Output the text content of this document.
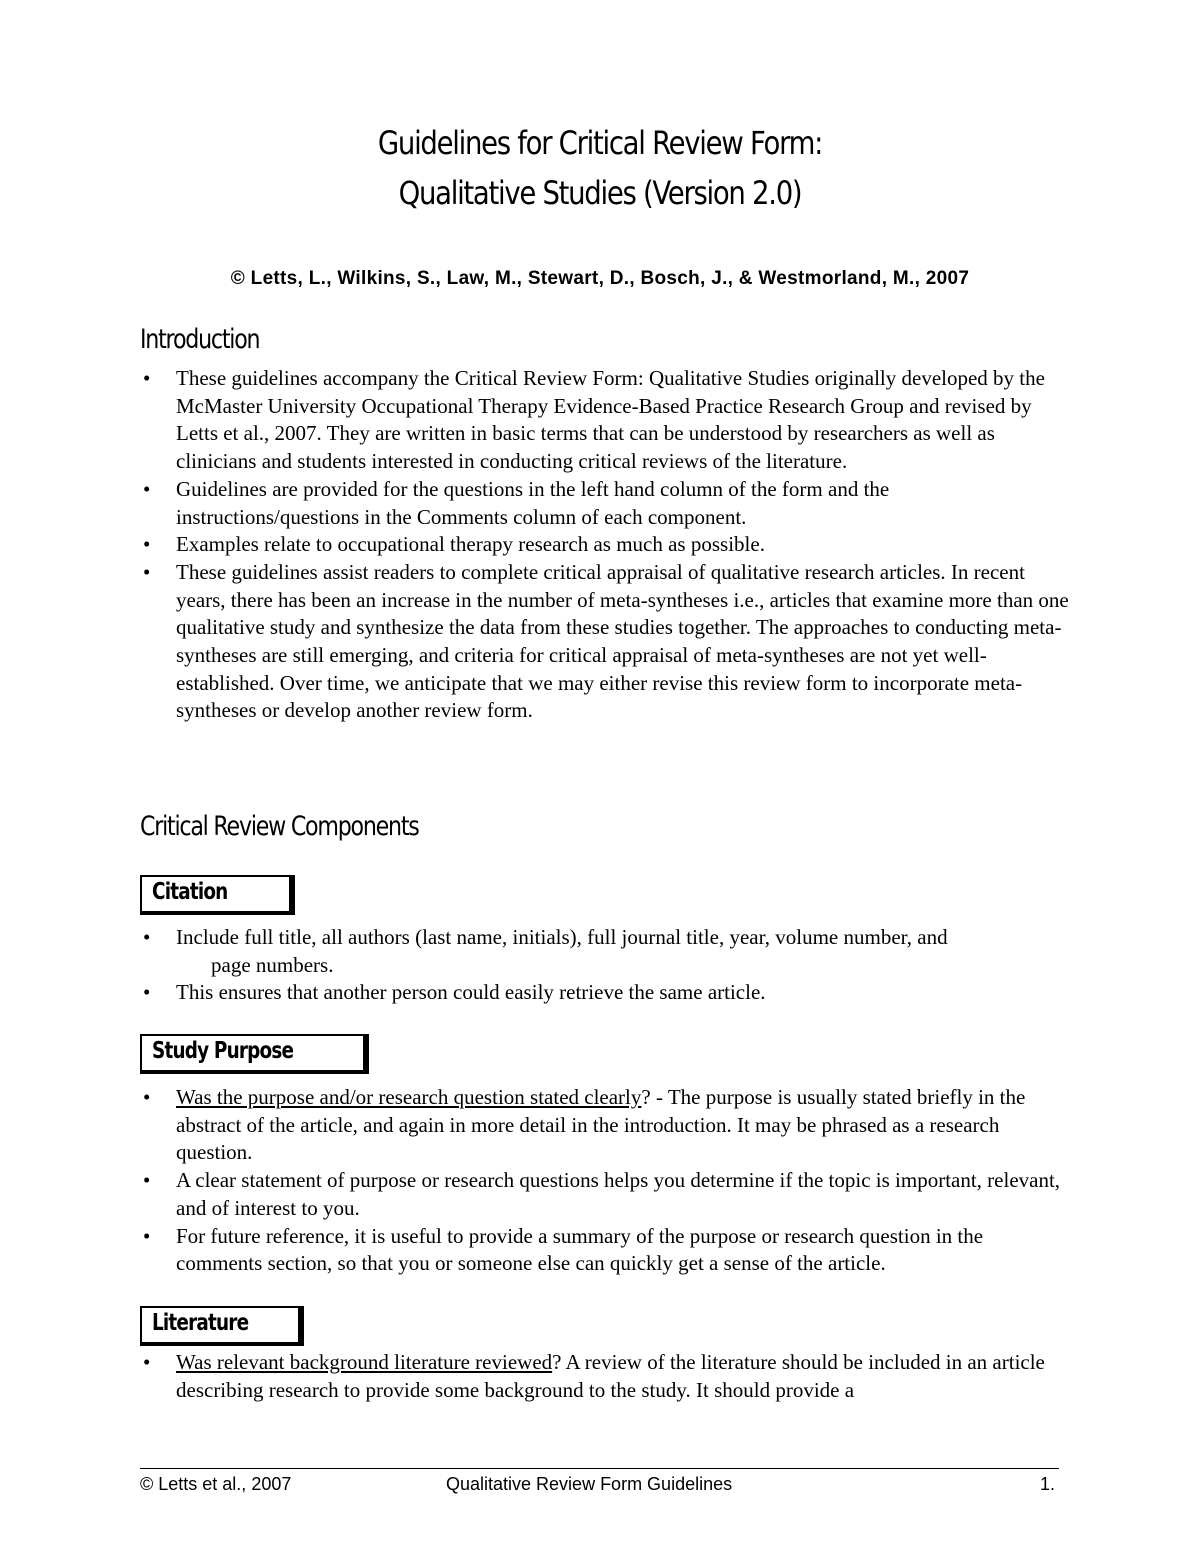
Guidelines for Critical Review Form:
Qualitative Studies (Version 2.0)
© Letts, L., Wilkins, S., Law, M., Stewart, D., Bosch, J., & Westmorland, M., 2007
Introduction
• These guidelines accompany the Critical Review Form: Qualitative Studies originally developed by the McMaster University Occupational Therapy Evidence-Based Practice Research Group and revised by Letts et al., 2007. They are written in basic terms that can be understood by researchers as well as clinicians and students interested in conducting critical reviews of the literature.
• Guidelines are provided for the questions in the left hand column of the form and the instructions/questions in the Comments column of each component.
• Examples relate to occupational therapy research as much as possible.
• These guidelines assist readers to complete critical appraisal of qualitative research articles. In recent years, there has been an increase in the number of meta-syntheses i.e., articles that examine more than one qualitative study and synthesize the data from these studies together. The approaches to conducting meta-syntheses are still emerging, and criteria for critical appraisal of meta-syntheses are not yet well-established. Over time, we anticipate that we may either revise this review form to incorporate meta-syntheses or develop another review form.
Critical Review Components
Citation
• Include full title, all authors (last name, initials), full journal title, year, volume number, and
page numbers.
• This ensures that another person could easily retrieve the same article.
Study Purpose
• Was the purpose and/or research question stated clearly? - The purpose is usually stated briefly in the abstract of the article, and again in more detail in the introduction. It may be phrased as a research question.
• A clear statement of purpose or research questions helps you determine if the topic is important, relevant, and of interest to you.
• For future reference, it is useful to provide a summary of the purpose or research question in the comments section, so that you or someone else can quickly get a sense of the article.
Literature
• Was relevant background literature reviewed? A review of the literature should be included in an article describing research to provide some background to the study. It should provide a
© Letts et al., 2007	Qualitative Review Form Guidelines	1.
